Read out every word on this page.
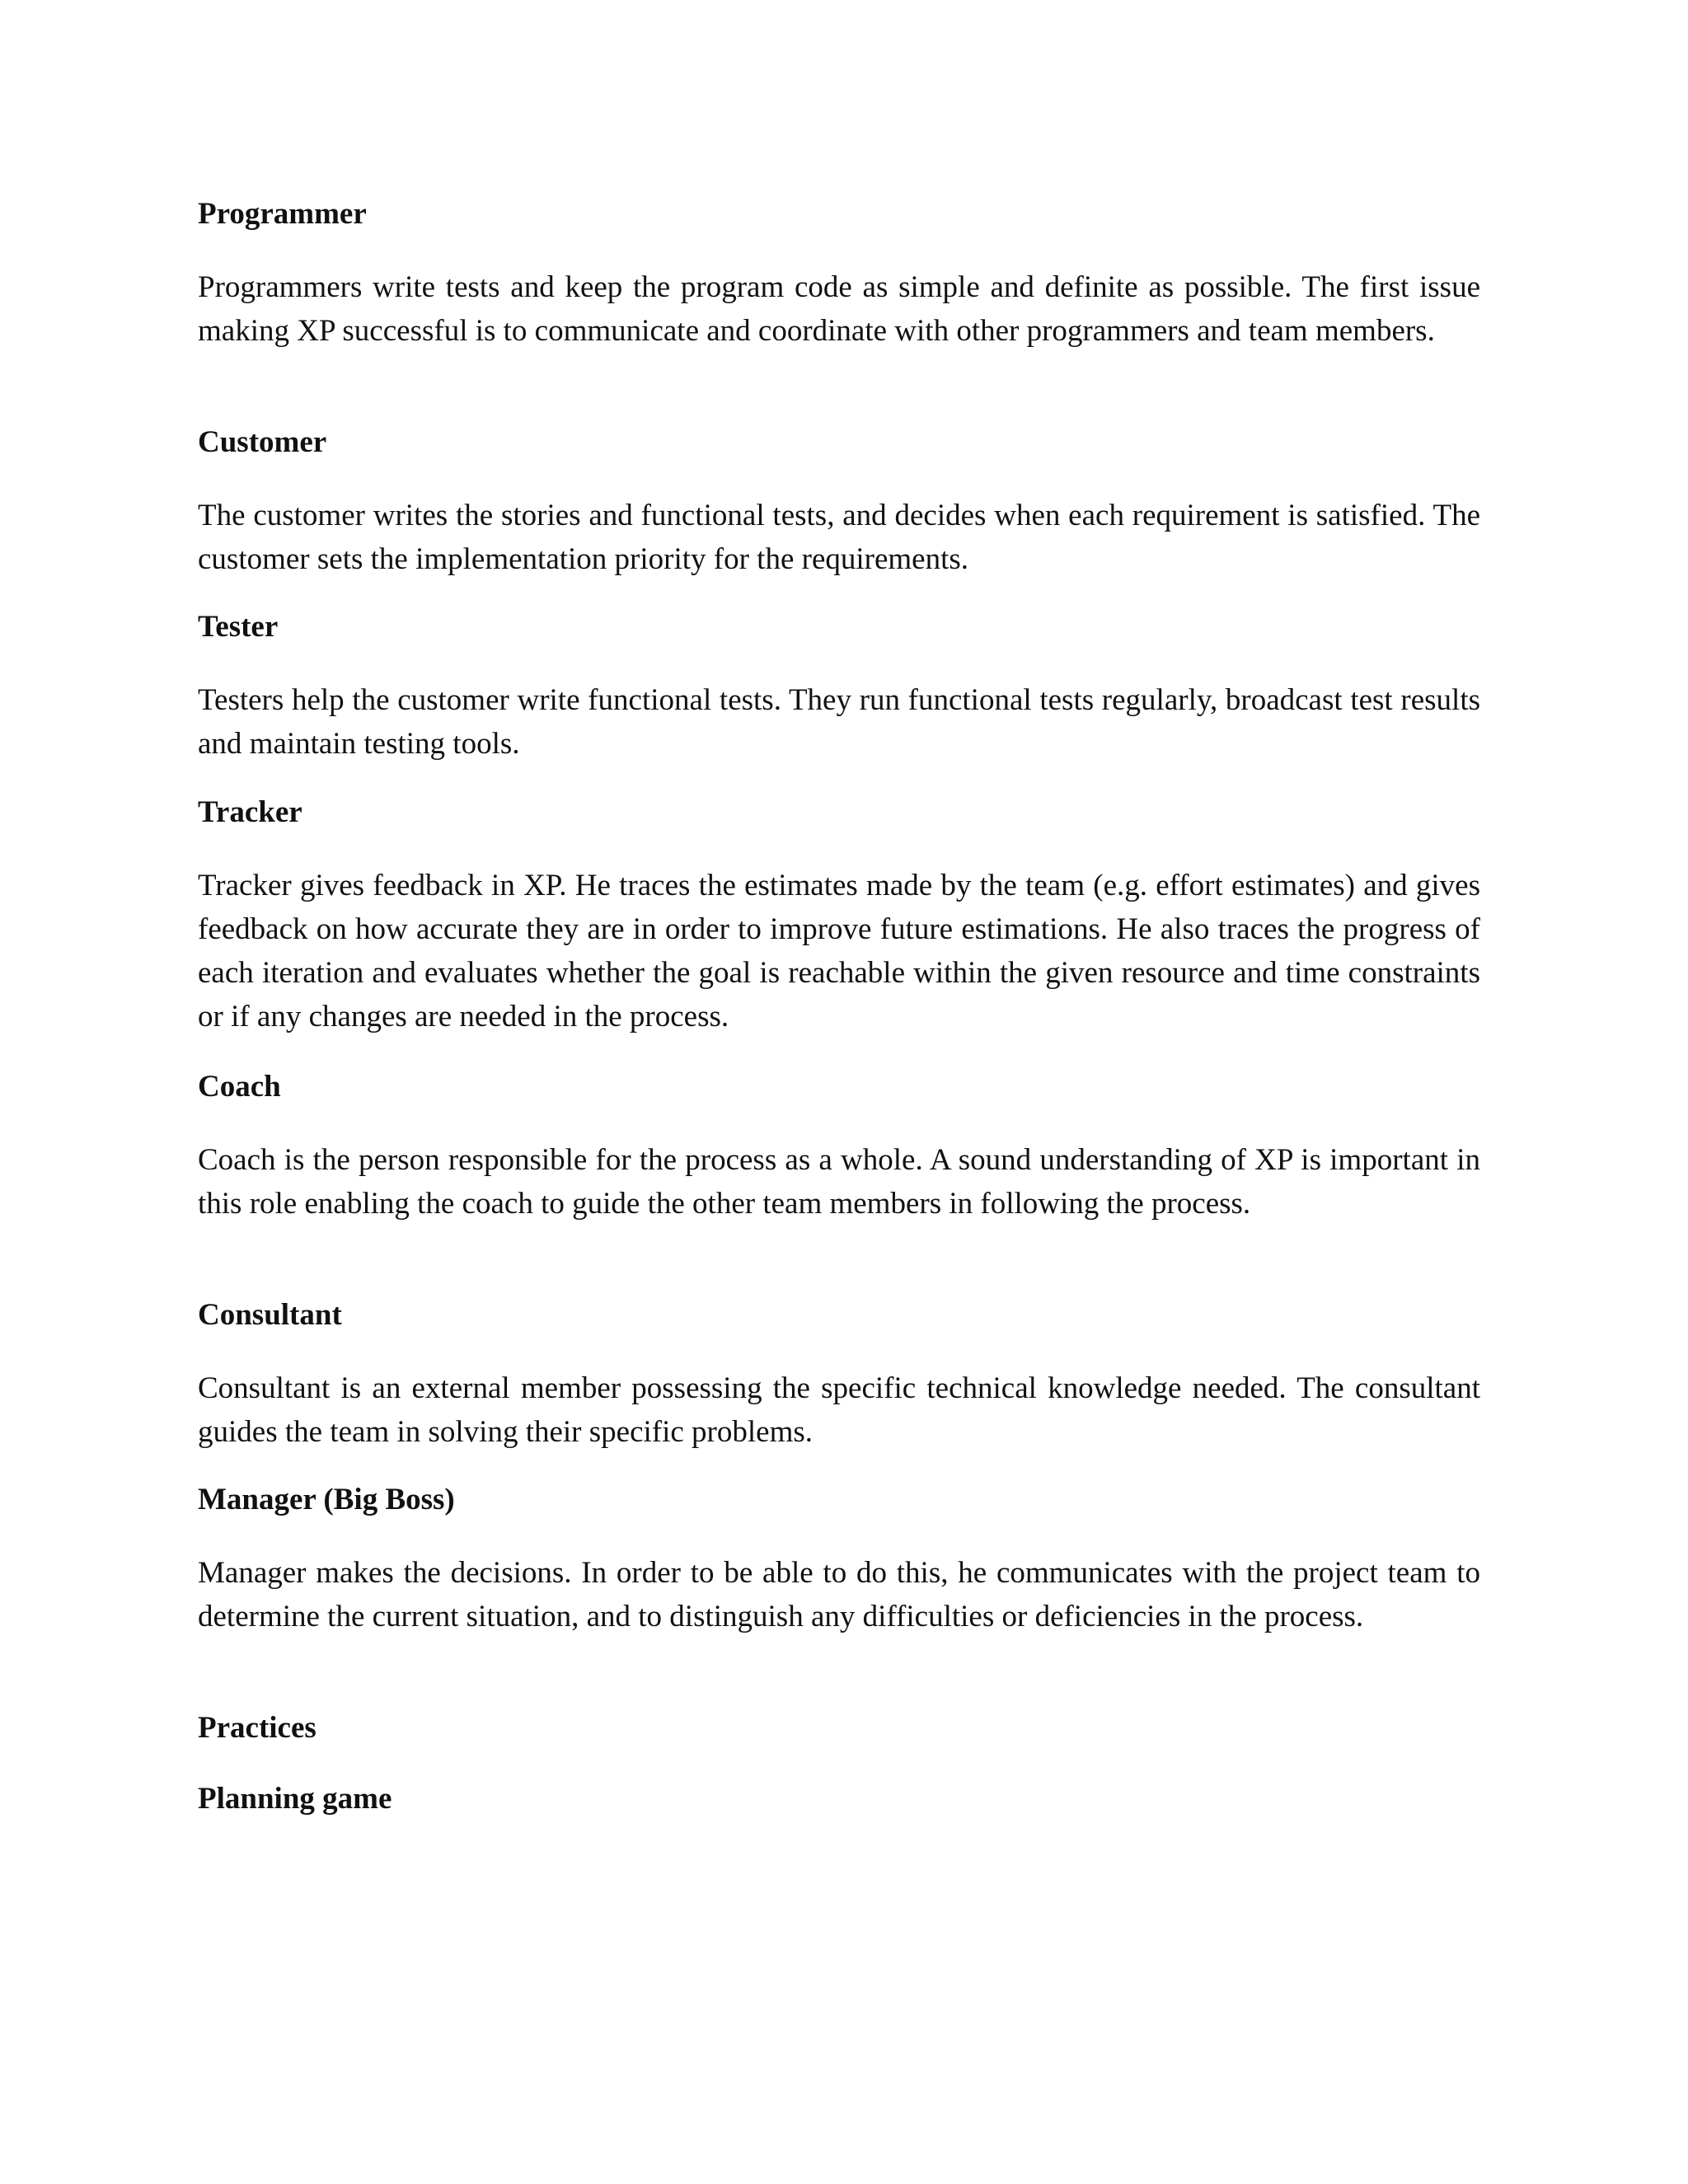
Programmer

Programmers write tests and keep the program code as simple and definite as possible. The first issue making XP successful is to communicate and coordinate with other programmers and team members.

Customer

The customer writes the stories and functional tests, and decides when each requirement is satisfied. The customer sets the implementation priority for the requirements.

Tester

Testers help the customer write functional tests. They run functional tests regularly, broadcast test results and maintain testing tools.

Tracker

Tracker gives feedback in XP. He traces the estimates made by the team (e.g. effort estimates) and gives feedback on how accurate they are in order to improve future estimations. He also traces the progress of each iteration and evaluates whether the goal is reachable within the given resource and time constraints or if any changes are needed in the process.

Coach

Coach is the person responsible for the process as a whole. A sound understanding of XP is important in this role enabling the coach to guide the other team members in following the process.

Consultant

Consultant is an external member possessing the specific technical knowledge needed. The consultant guides the team in solving their specific problems.

Manager (Big Boss)

Manager makes the decisions. In order to be able to do this, he communicates with the project team to determine the current situation, and to distinguish any difficulties or deficiencies in the process.

Practices
Planning game
